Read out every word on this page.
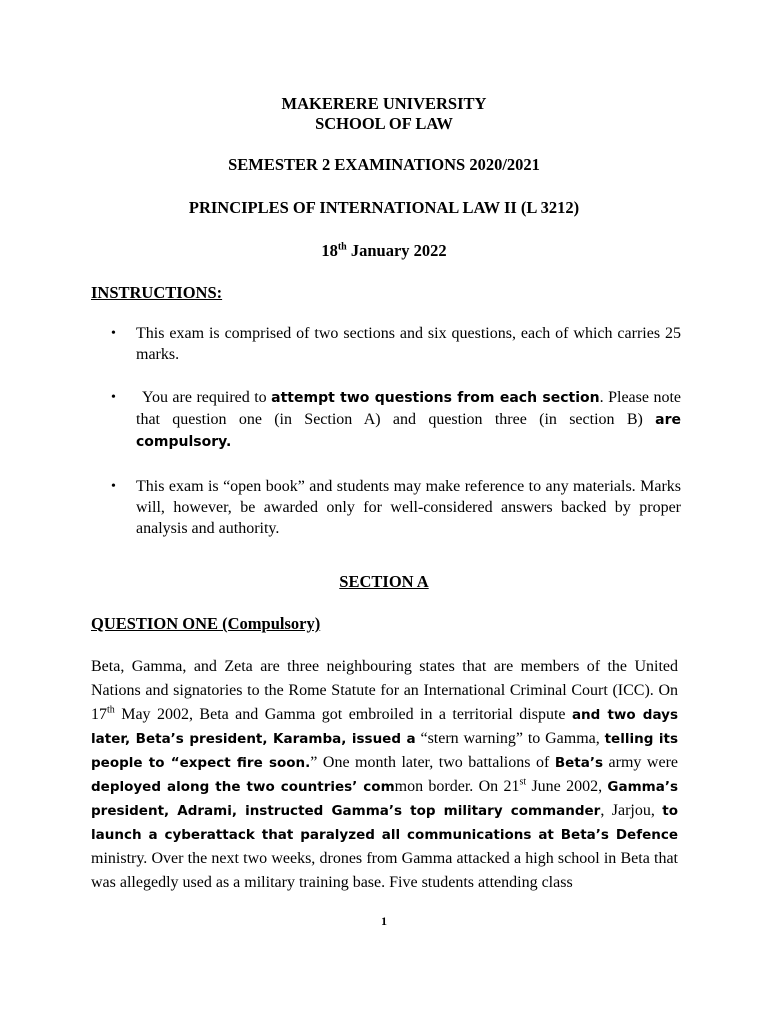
MAKERERE UNIVERSITY
SCHOOL OF LAW
SEMESTER 2 EXAMINATIONS 2020/2021
PRINCIPLES OF INTERNATIONAL LAW II (L 3212)
18th January 2022
INSTRUCTIONS:
• This exam is comprised of two sections and six questions, each of which carries 25 marks.
• You are required to attempt two questions from each section. Please note that question one (in Section A) and question three (in section B) are compulsory.
• This exam is “open book” and students may make reference to any materials. Marks will, however, be awarded only for well-considered answers backed by proper analysis and authority.
SECTION A
QUESTION ONE (Compulsory)

Beta, Gamma, and Zeta are three neighbouring states that are members of the United Nations and signatories to the Rome Statute for an International Criminal Court (ICC). On 17th May 2002, Beta and Gamma got embroiled in a territorial dispute and two days later, Beta’s president, Karamba, issued a “stern warning” to Gamma, telling its people to “expect fire soon.” One month later, two battalions of Beta’s army were deployed along the two countries’ common border. On 21st June 2002, Gamma’s president, Adrami, instructed Gamma’s top military commander, Jarjou, to launch a cyberattack that paralyzed all communications at Beta’s Defence ministry. Over the next two weeks, drones from Gamma attacked a high school in Beta that was allegedly used as a military training base. Five students attending class

1
